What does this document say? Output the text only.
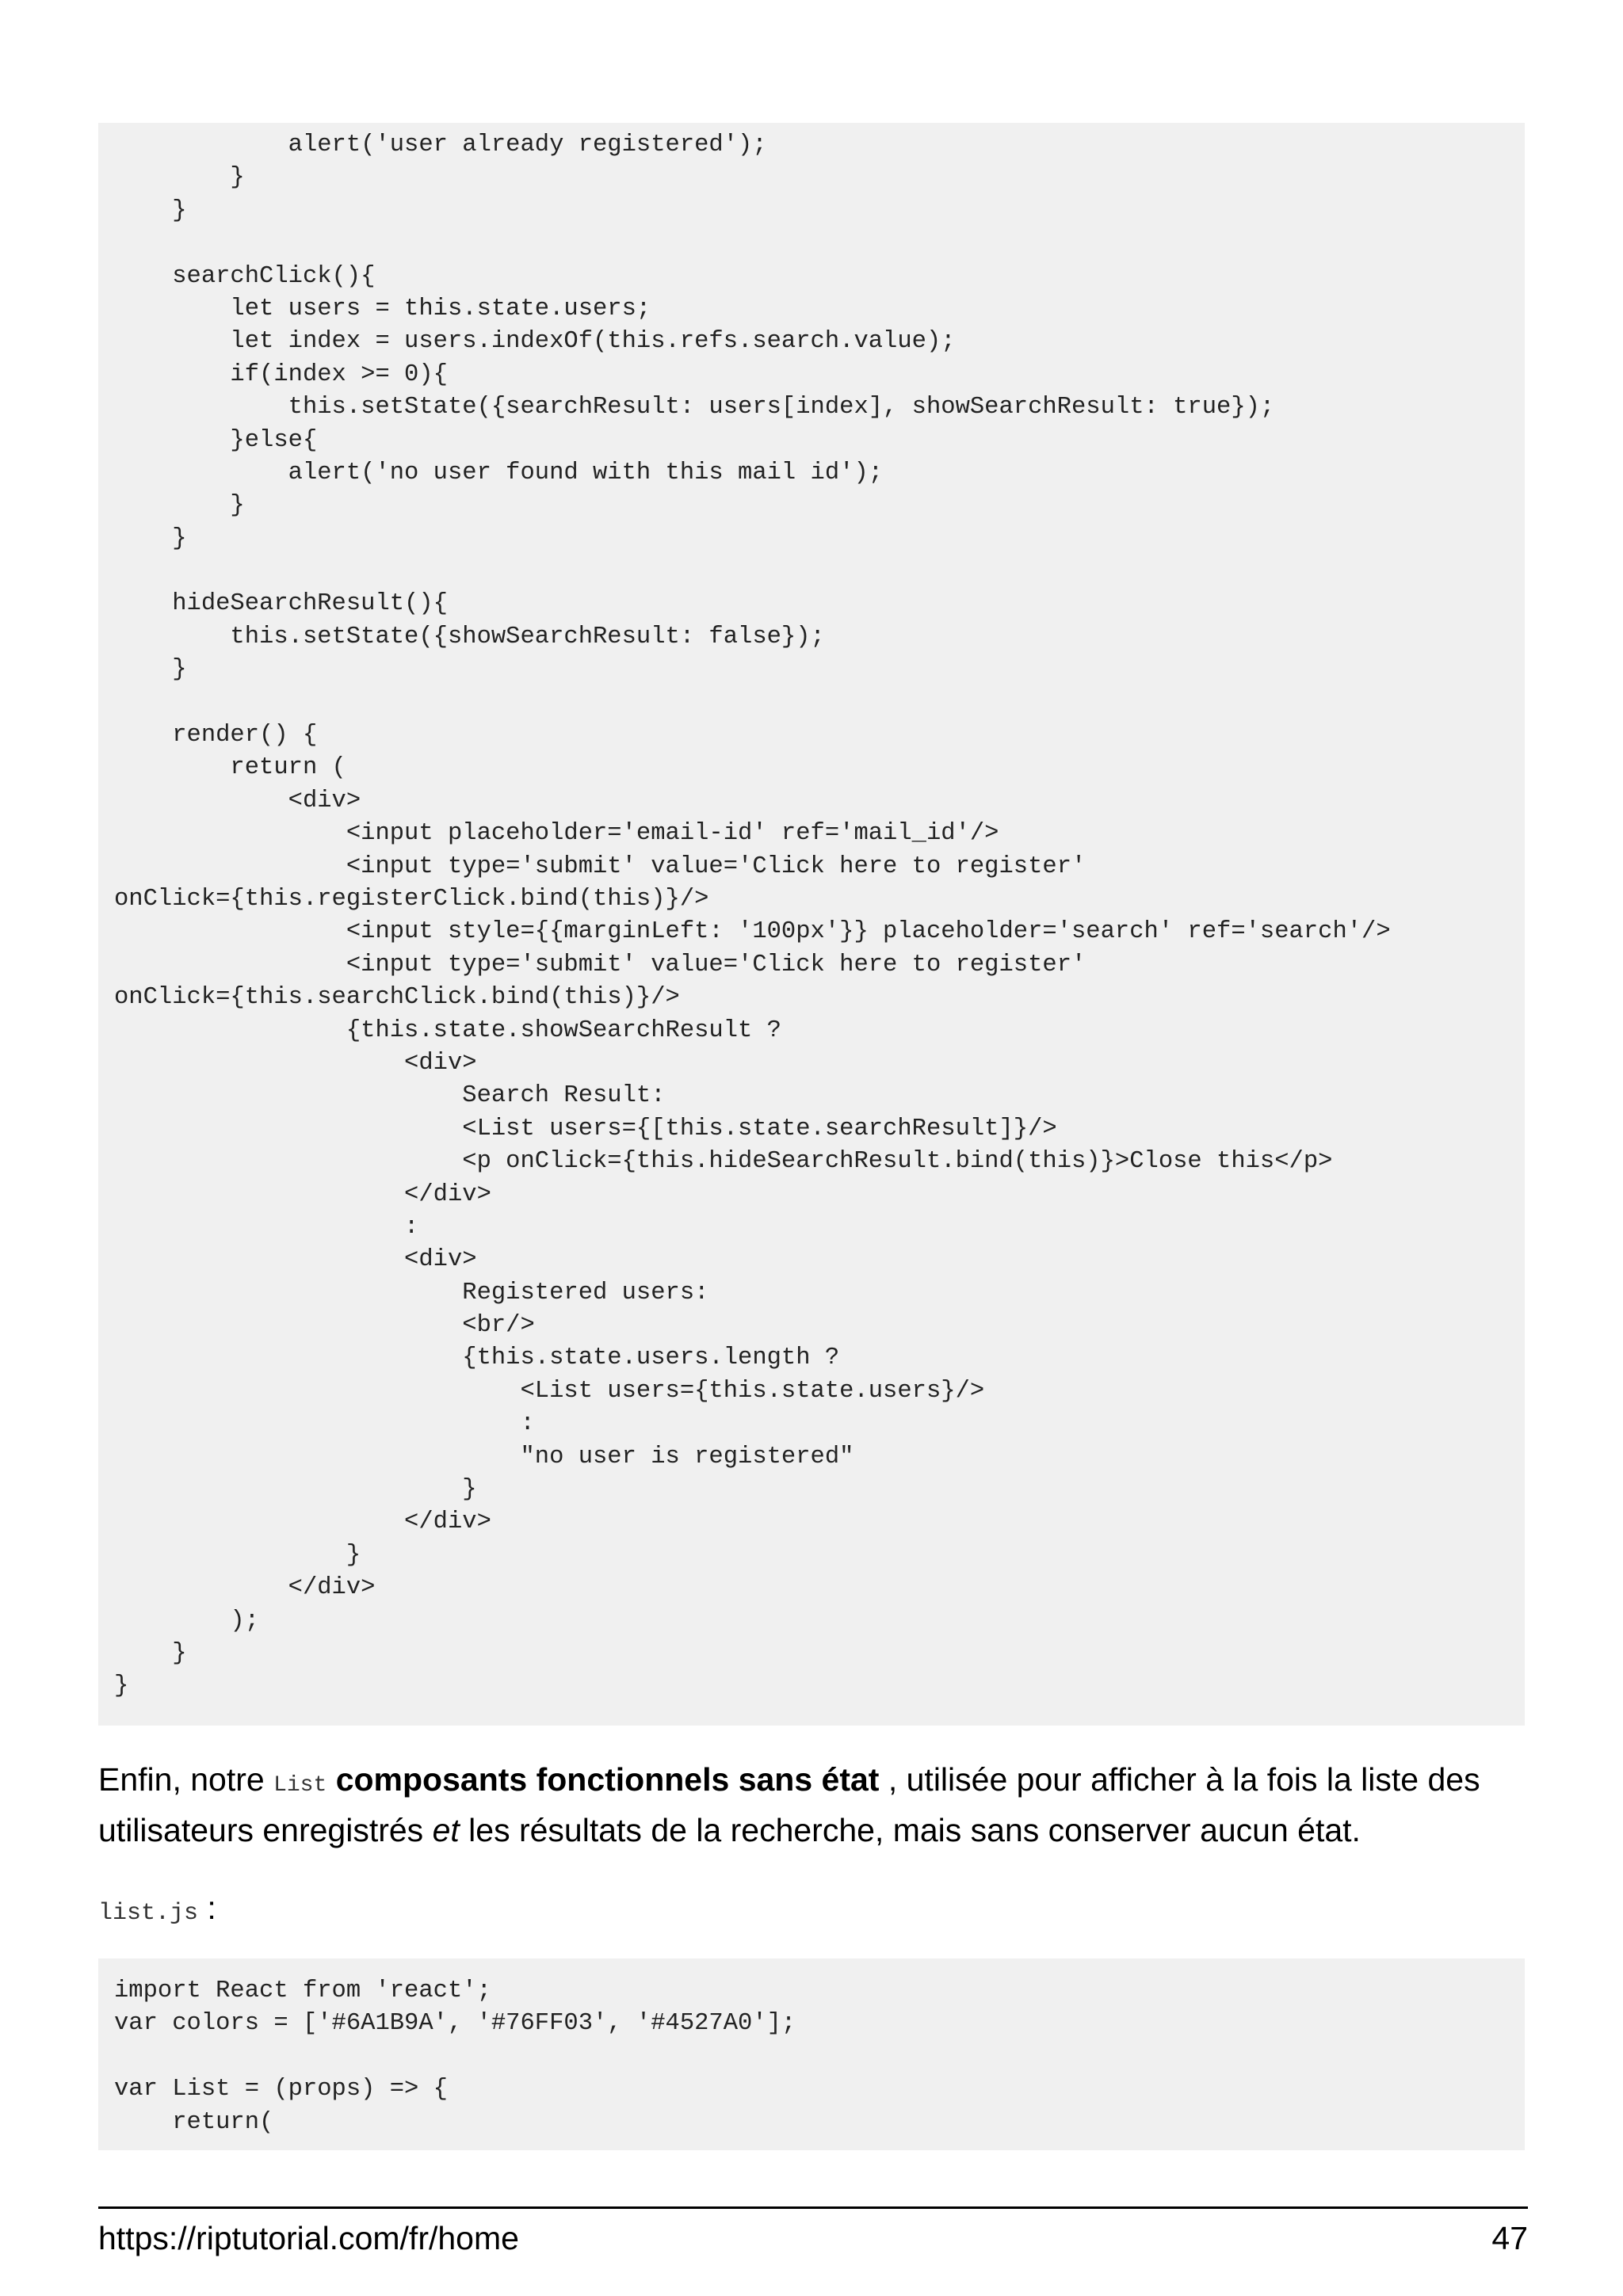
alert('user already registered');
}
}
searchClick(){
let users = this.state.users;
let index = users.indexOf(this.refs.search.value);
if(index >= 0){
this.setState({searchResult: users[index], showSearchResult: true});
}else{
alert('no user found with this mail id');
}
}
hideSearchResult(){
this.setState({showSearchResult: false});
}
render() {
return (
<div>
<input placeholder='email-id' ref='mail_id'/>
<input type='submit' value='Click here to register'
onClick={this.registerClick.bind(this)}/>
<input style={{marginLeft: '100px'}} placeholder='search' ref='search'/>
<input type='submit' value='Click here to register'
onClick={this.searchClick.bind(this)}/>
{this.state.showSearchResult ?
<div>
Search Result:
<List users={[this.state.searchResult]}/>
<p onClick={this.hideSearchResult.bind(this)}>Close this</p>
</div>
:
<div>
Registered users:
<br/>
{this.state.users.length ?
<List users={this.state.users}/>
:
"no user is registered"
}
</div>
}
</div>
);
}
}

Enfin, notre List composants fonctionnels sans état , utilisée pour afficher à la fois la liste des utilisateurs enregistrés et les résultats de la recherche, mais sans conserver aucun état.

list.js :

import React from 'react';
var colors = ['#6A1B9A', '#76FF03', '#4527A0'];
var List = (props) => {
return(
https://riptutorial.com/fr/home	47
